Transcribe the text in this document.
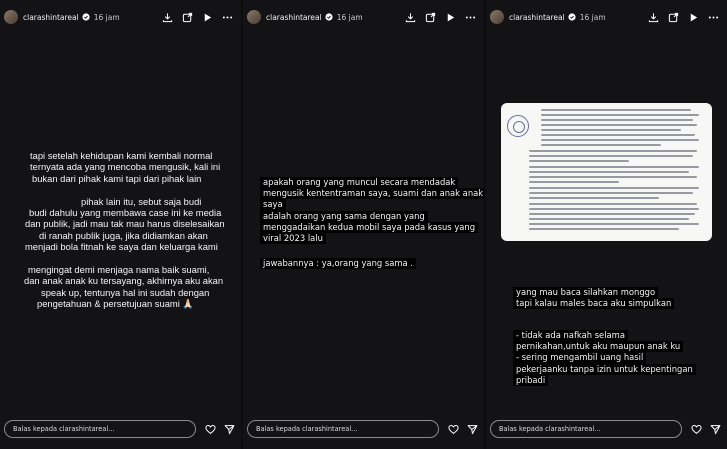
clarashintareal 16 jam
tapi setelah kehidupan kami kembali normal
ternyata ada yang mencoba mengusik, kali ini
bukan dari pihak kami tapi dari pihak lain
pihak lain itu, sebut saja budi
budi dahulu yang membawa case ini ke media
dan publik, jadi mau tak mau harus diselesaikan
di ranah publik juga, jika didiamkan akan
menjadi bola fitnah ke saya dan keluarga kami
mengingat demi menjaga nama baik suami,
dan anak anak ku tersayang, akhirnya aku akan
speak up, tentunya hal ini sudah dengan
pengetahuan & persetujuan suami 🙏🏻
Balas kepada clarashintareal...
clarashintareal 16 jam
apakah orang yang muncul secara mendadak
mengusik kententraman saya, suami dan anak anak
saya
adalah orang yang sama dengan yang
menggadaikan kedua mobil saya pada kasus yang
viral 2023 lalu
jawabannya : ya,orang yang sama .
Balas kepada clarashintareal...
clarashintareal 16 jam
yang mau baca silahkan monggo
tapi kalau males baca aku simpulkan
- tidak ada nafkah selama
pernikahan,untuk aku maupun anak ku
- sering mengambil uang hasil
pekerjaanku tanpa izin untuk kepentingan
pribadi
Balas kepada clarashintareal...
